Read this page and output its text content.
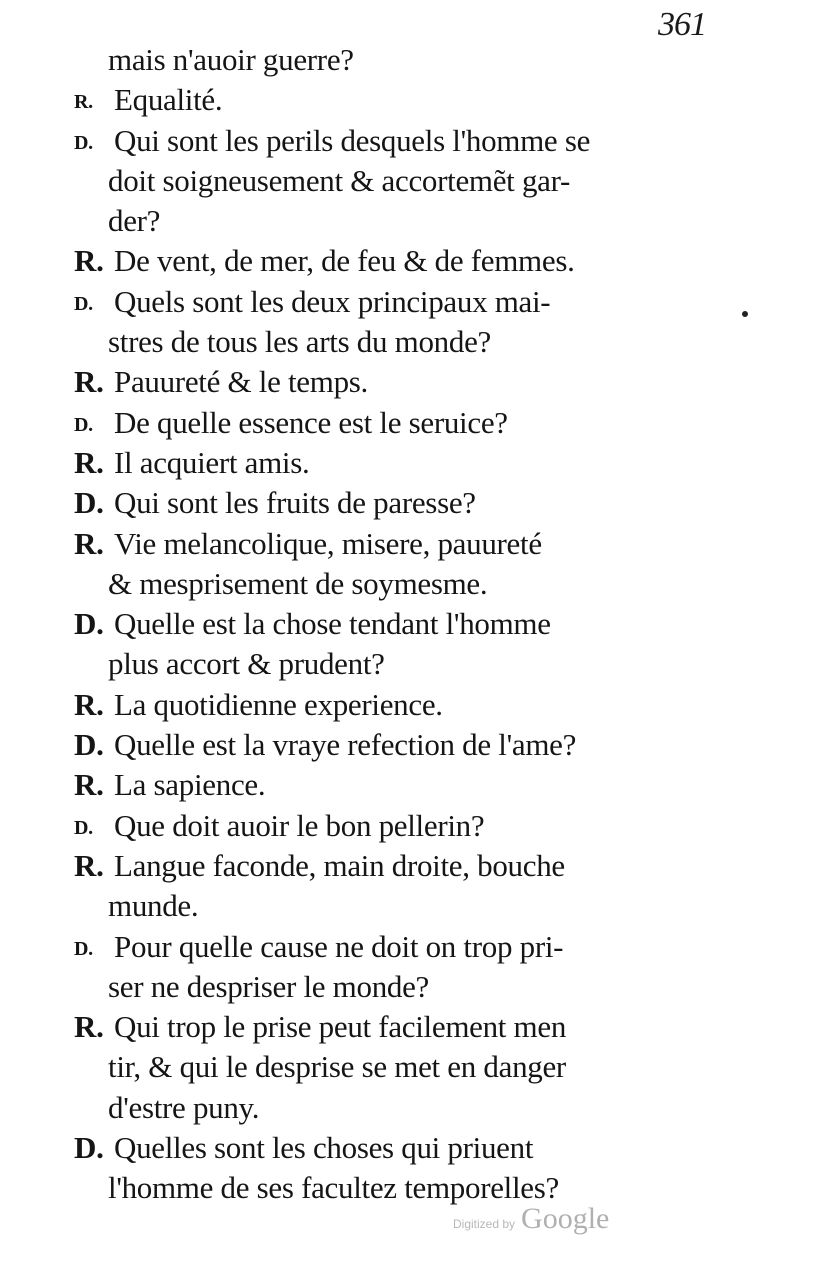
361
mais n'auoir guerre?
R. Equalité.
D. Qui sont les perils desquels l'homme se
doit soigneusement & accortemẽt gar-
der?
R. De vent, de mer, de feu & de femmes.
D. Quels sont les deux principaux mai-
stres de tous les arts du monde?
R. Pauureté & le temps.
D. De quelle essence est le seruice?
R. Il acquiert amis.
D. Qui sont les fruits de paresse?
R. Vie melancolique, misere, pauureté
& mesprisement de soymesme.
D. Quelle est la chose tendant l'homme
plus accort & prudent?
R. La quotidienne experience.
D. Quelle est la vraye refection de l'ame?
R. La sapience.
D. Que doit auoir le bon pellerin?
R. Langue faconde, main droite, bouche
munde.
D. Pour quelle cause ne doit on trop pri-
ser ne despriser le monde?
R. Qui trop le prise peut facilement men
tir, & qui le desprise se met en danger
d'estre puny.
D. Quelles sont les choses qui priuent
l'homme de ses facultez temporelles?
Digitized by Google
